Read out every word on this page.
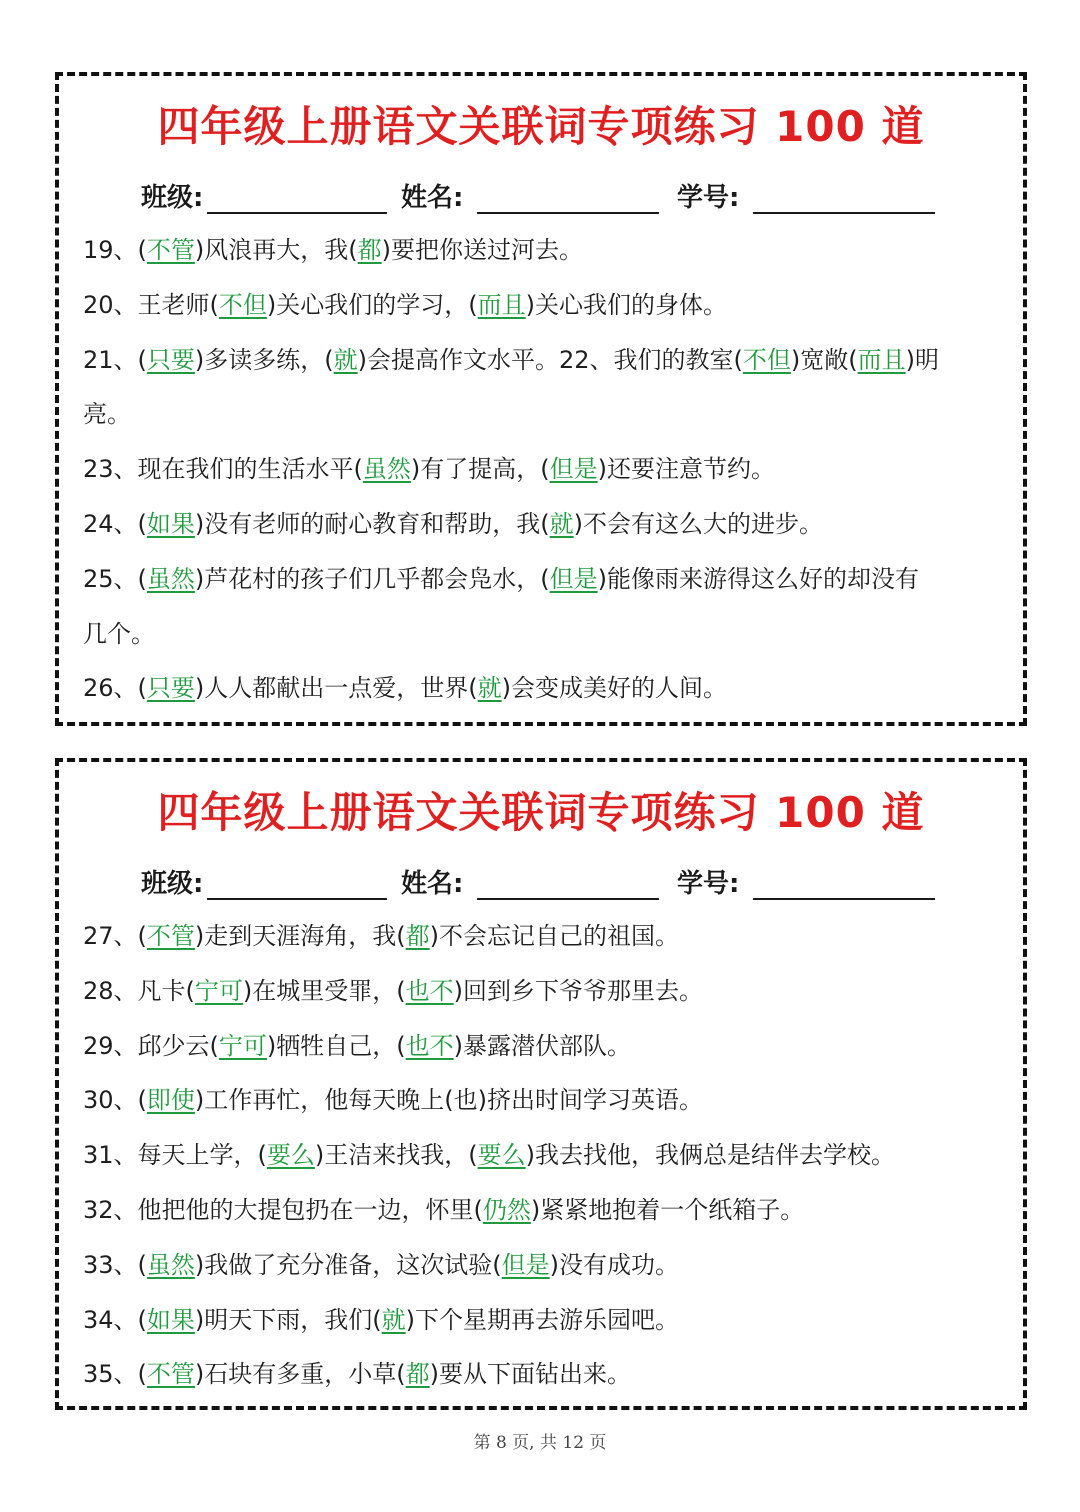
四年级上册语文关联词专项练习 100 道
班级:	姓名:	学号:
19、(不管)风浪再大，我(都)要把你送过河去。
20、王老师(不但)关心我们的学习，(而且)关心我们的身体。
21、(只要)多读多练，(就)会提高作文水平。22、我们的教室(不但)宽敞(而且)明
亮。
23、现在我们的生活水平(虽然)有了提高，(但是)还要注意节约。
24、(如果)没有老师的耐心教育和帮助，我(就)不会有这么大的进步。
25、(虽然)芦花村的孩子们几乎都会凫水，(但是)能像雨来游得这么好的却没有
几个。
26、(只要)人人都献出一点爱，世界(就)会变成美好的人间。
四年级上册语文关联词专项练习 100 道
班级:	姓名:	学号:
27、(不管)走到天涯海角，我(都)不会忘记自己的祖国。
28、凡卡(宁可)在城里受罪，(也不)回到乡下爷爷那里去。
29、邱少云(宁可)牺牲自己，(也不)暴露潜伏部队。
30、(即使)工作再忙，他每天晚上(也)挤出时间学习英语。
31、每天上学，(要么)王洁来找我，(要么)我去找他，我俩总是结伴去学校。
32、他把他的大提包扔在一边，怀里(仍然)紧紧地抱着一个纸箱子。
33、(虽然)我做了充分准备，这次试验(但是)没有成功。
34、(如果)明天下雨，我们(就)下个星期再去游乐园吧。
35、(不管)石块有多重，小草(都)要从下面钻出来。
第 8 页, 共 12 页
